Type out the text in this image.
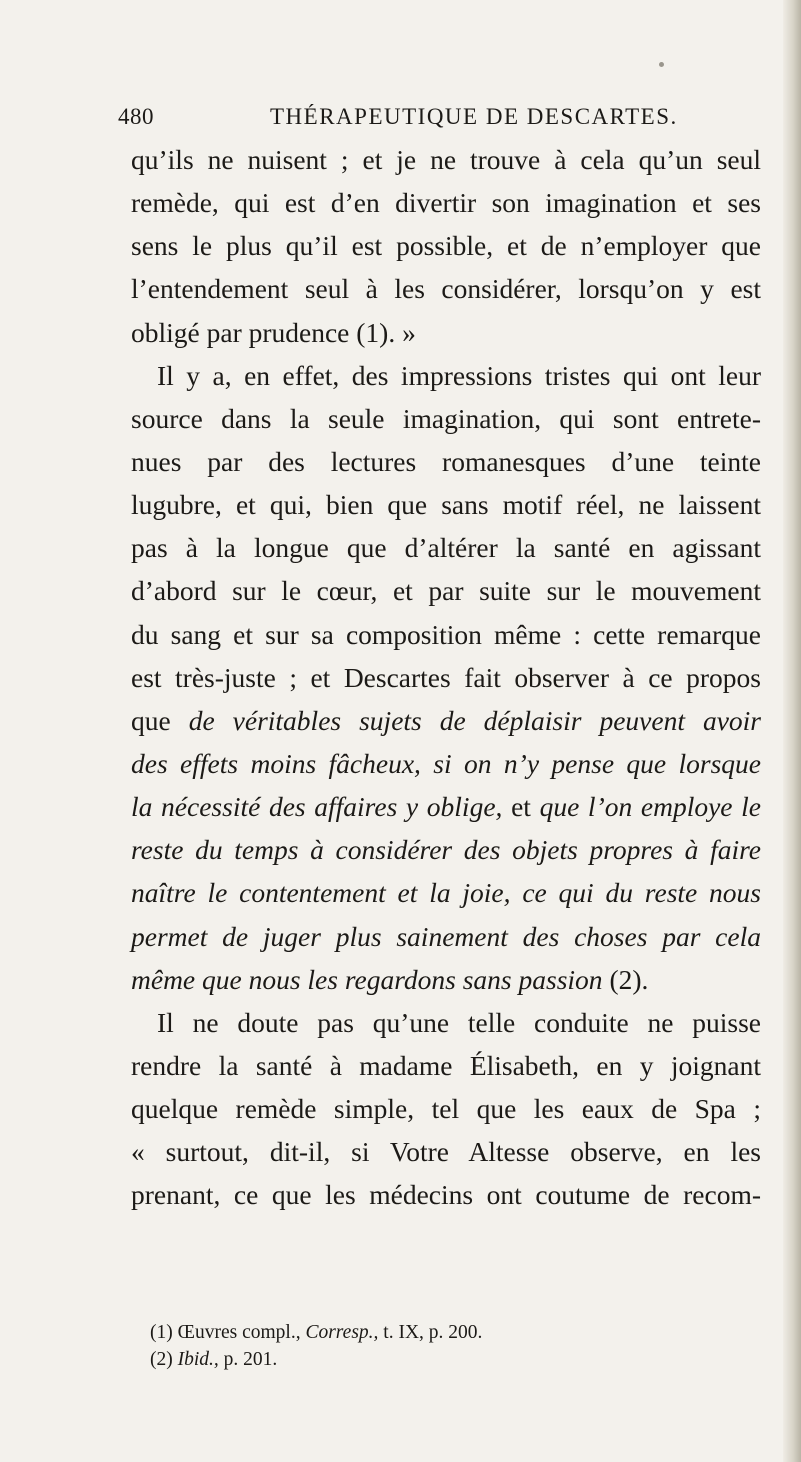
480	THÉRAPEUTIQUE DE DESCARTES.
qu’ils ne nuisent ; et je ne trouve à cela qu’un seul
remède, qui est d’en divertir son imagination et ses
sens le plus qu’il est possible, et de n’employer que
l’entendement seul à les considérer, lorsqu’on y est
obligé par prudence (1). »
Il y a, en effet, des impressions tristes qui ont leur
source dans la seule imagination, qui sont entrete-
nues par des lectures romanesques d’une teinte
lugubre, et qui, bien que sans motif réel, ne laissent
pas à la longue que d’altérer la santé en agissant
d’abord sur le cœur, et par suite sur le mouvement
du sang et sur sa composition même : cette remarque
est très-juste ; et Descartes fait observer à ce propos
que de véritables sujets de déplaisir peuvent avoir
des effets moins fâcheux, si on n’y pense que lorsque
la nécessité des affaires y oblige, et que l’on employe le
reste du temps à considérer des objets propres à faire
naître le contentement et la joie, ce qui du reste nous
permet de juger plus sainement des choses par cela
même que nous les regardons sans passion (2).
Il ne doute pas qu’une telle conduite ne puisse
rendre la santé à madame Élisabeth, en y joignant
quelque remède simple, tel que les eaux de Spa ;
« surtout, dit-il, si Votre Altesse observe, en les
prenant, ce que les médecins ont coutume de recom-
(1) Œuvres compl., Corresp., t. IX, p. 200.
(2) Ibid., p. 201.
